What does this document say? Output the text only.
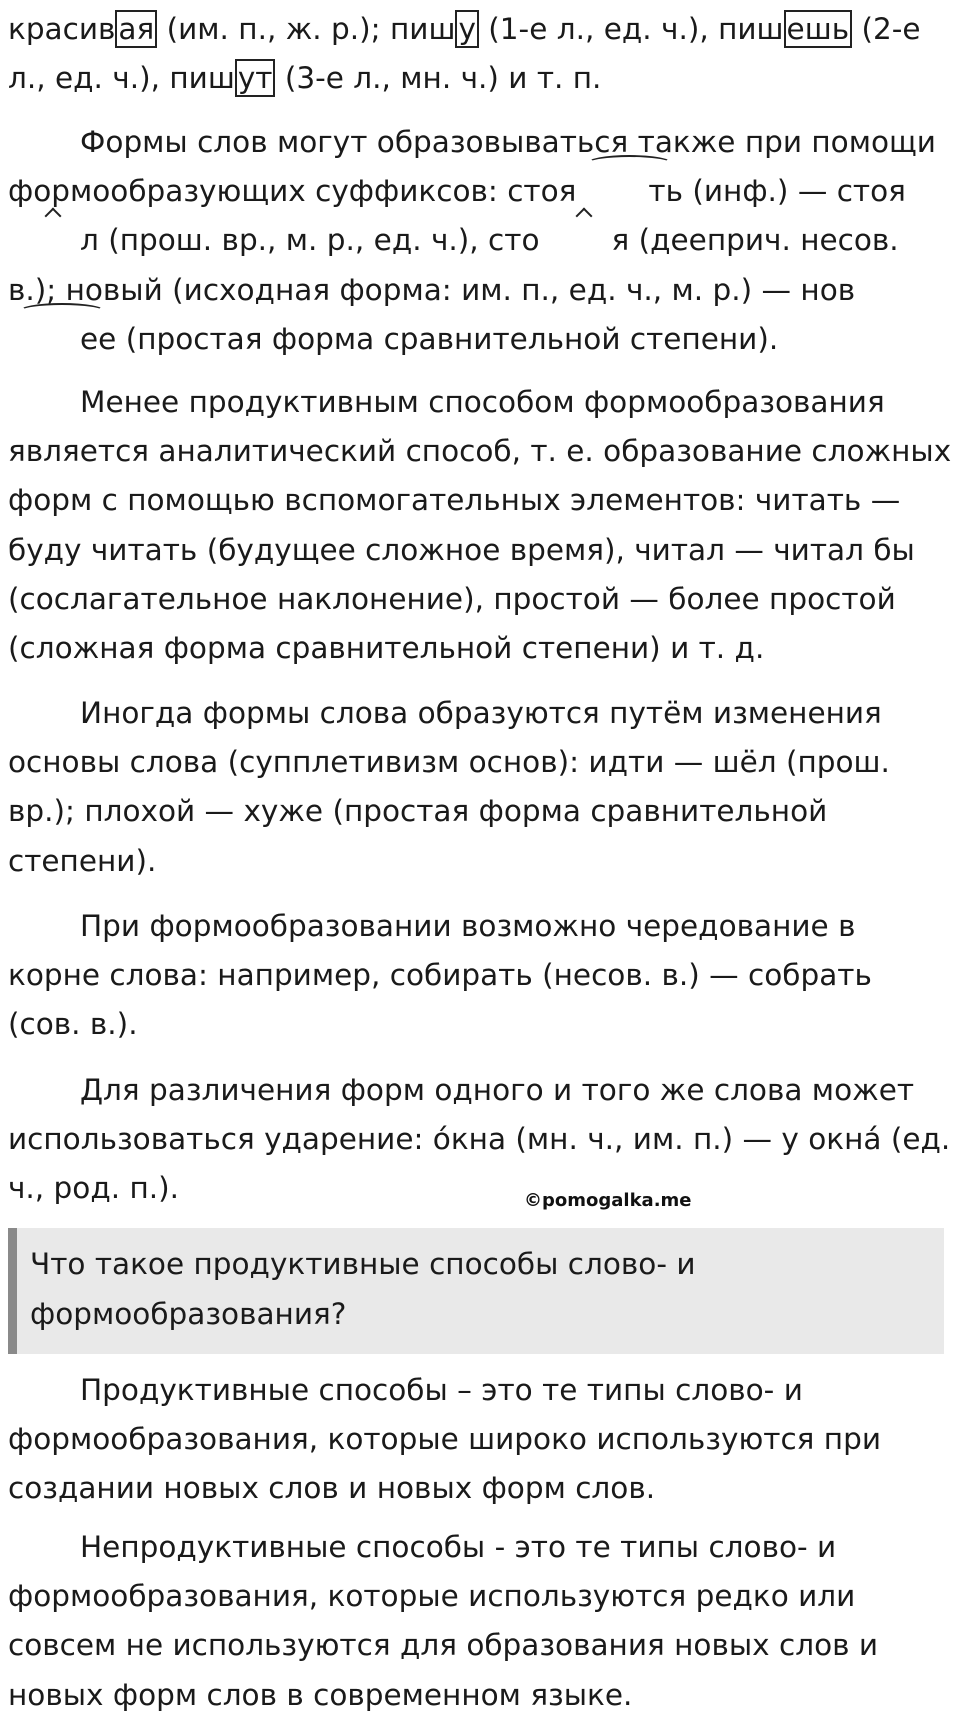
красив ая (им. п., ж. р.); пиш у (1-е л., ед. ч.), пиш ешь (2-е л., ед. ч.), пиш ут (3-е л., мн. ч.) и т. п.

Формы слов могут образовываться также при помощи формообразующих суффиксов: стоя ть (инф.) — стоял (прош. вр., м. р., ед. ч.), сто я (дееприч. несов. в.); новый (исходная форма: им. п., ед. ч., м. р.) — новее (простая форма сравнительной степени).

Менее продуктивным способом формообразования является аналитический способ, т. е. образование сложных форм с помощью вспомогательных элементов: читать — буду читать (будущее сложное время), читал — читал бы (сослагательное наклонение), простой — более простой (сложная форма сравнительной степени) и т. д.

Иногда формы слова образуются путём изменения основы слова (супплетивизм основ): идти — шёл (прош. вр.); плохой — хуже (простая форма сравнительной степени).

При формообразовании возможно чередование в корне слова: например, собирать (несов. в.) — собрать (сов. в.).

Для различения форм одного и того же слова может использоваться ударение: óкна (мн. ч., им. п.) — у окнá (ед. ч., род. п.).	©pomogalka.me

Что такое продуктивные способы слово- и формообразования?

Продуктивные способы – это те типы слово- и формообразования, которые широко используются при создании новых слов и новых форм слов.

Непродуктивные способы - это те типы слово- и формообразования, которые используются редко или совсем не используются для образования новых слов и новых форм слов в современном языке.
